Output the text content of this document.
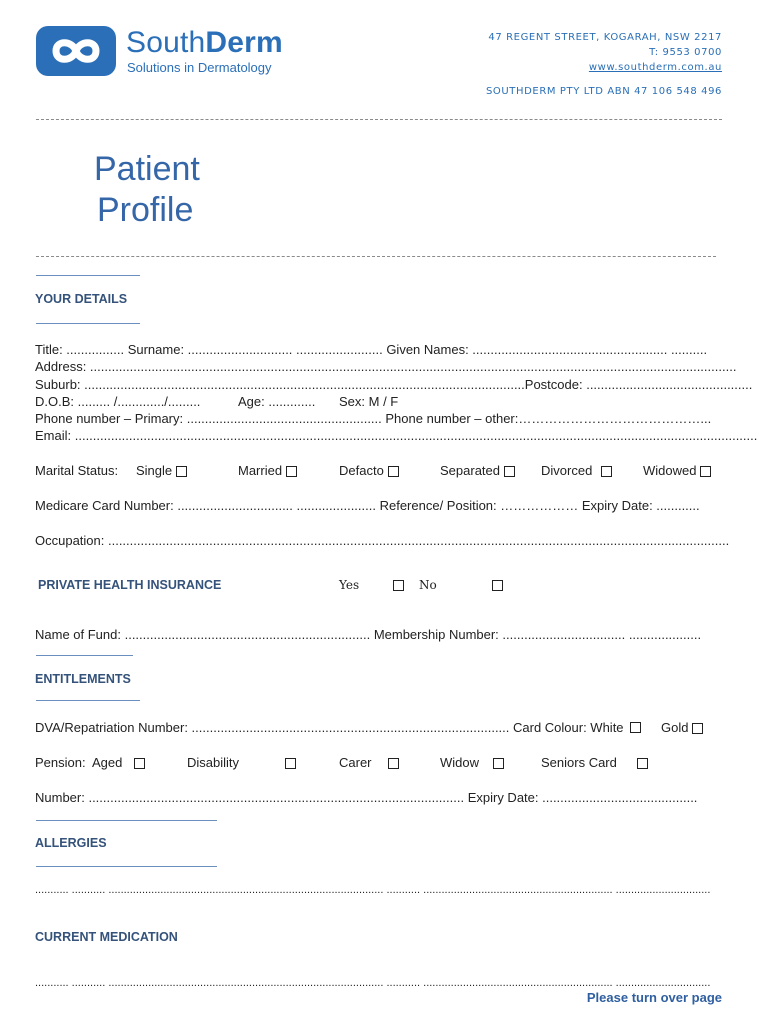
SouthDerm
Solutions in Dermatology
47 REGENT STREET, KOGARAH, NSW 2217
T: 9553 0700
www.southderm.com.au
SOUTHDERM PTY LTD ABN 47 106 548 496
Patient
Profile
YOUR DETAILS
Title: ................ Surname: ............................. ........................ Given Names: ...................................................... ..........
Address: ...................................................................................................................................................................................
Suburb: ..........................................................................................................................Postcode: ..............................................
D.O.B: ......... /............./.........	Age: ............. Sex: M / F
Phone number – Primary: ...................................................... Phone number – other:……………………………………...
Email: .............................................................................................................................................................................................
Marital Status: Single	Married	Defacto	Separated	Divorced	Widowed
Medicare Card Number: ................................ ...................... Reference/ Position: ……………… Expiry Date: ............
Occupation: ............................................................................................................................................................................
PRIVATE HEALTH INSURANCE	Yes	No
Name of Fund: .................................................................... Membership Number: .................................. ....................
ENTITLEMENTS
DVA/Repatriation Number: ........................................................................................ Card Colour: White	Gold
Pension: Aged	Disability	Carer	Widow	Seniors Card
Number: ........................................................................................................ Expiry Date: ...........................................
ALLERGIES
........... ........... .......................................................................................... ........... .............................................................. ...............................
CURRENT MEDICATION
........... ........... .......................................................................................... ........... .............................................................. ...............................
Please turn over page
